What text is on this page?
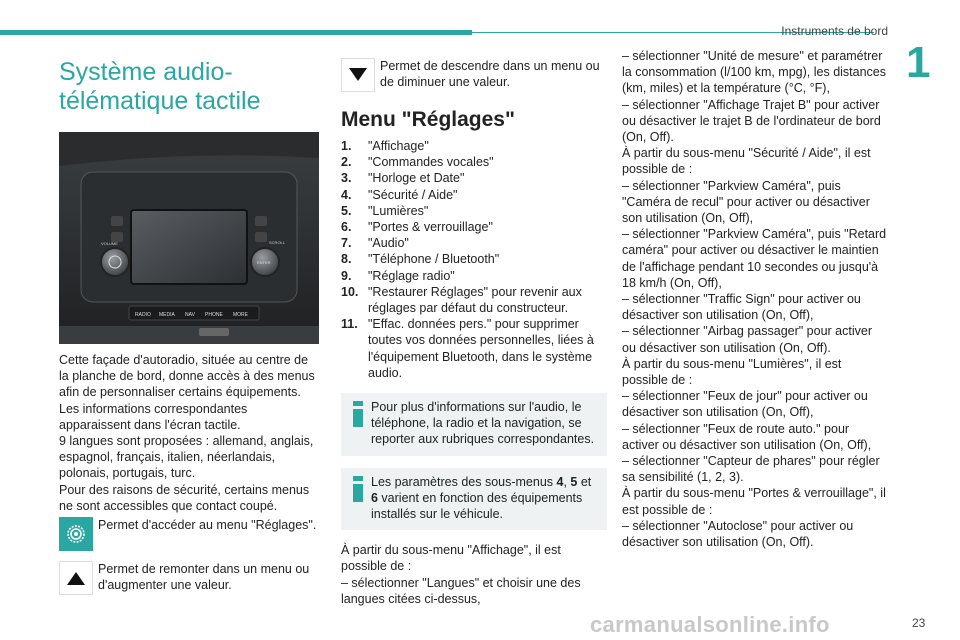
Instruments de bord
1
Système audio-
télématique tactile
VOLUME	SCROLL
ENTER
RADIO MEDIA NAV PHONE MORE

Cette façade d'autoradio, située au centre de la planche de bord, donne accès à des menus afin de personnaliser certains équipements.

Les informations correspondantes apparaissent dans l'écran tactile.

9 langues sont proposées : allemand, anglais, espagnol, français, italien, néerlandais, polonais, portugais, turc.

Pour des raisons de sécurité, certains menus ne sont accessibles que contact coupé.

Permet d'accéder au menu "Réglages".
Permet de remonter dans un menu ou d'augmenter une valeur.
Permet de descendre dans un menu ou de diminuer une valeur.
Menu "Réglages"
1.	"Affichage"
2.	"Commandes vocales"
3.	"Horloge et Date"
4.	"Sécurité / Aide"
5.	"Lumières"
6.	"Portes & verrouillage"
7.	"Audio"
8.	"Téléphone / Bluetooth"
9.	"Réglage radio"
10. "Restaurer Réglages" pour revenir aux réglages par défaut du constructeur.
11. "Effac. données pers." pour supprimer toutes vos données personnelles, liées à l'équipement Bluetooth, dans le système audio.
Pour plus d'informations sur l'audio, le téléphone, la radio et la navigation, se reporter aux rubriques correspondantes.
Les paramètres des sous-menus 4, 5 et 6 varient en fonction des équipements installés sur le véhicule.

À partir du sous-menu "Affichage", il est possible de :

– sélectionner "Langues" et choisir une des langues citées ci-dessus,

– sélectionner "Unité de mesure" et paramétrer la consommation (l/100 km, mpg), les distances (km, miles) et la température (°C, °F),

– sélectionner "Affichage Trajet B" pour activer ou désactiver le trajet B de l'ordinateur de bord (On, Off).

À partir du sous-menu "Sécurité / Aide", il est possible de :

– sélectionner "Parkview Caméra", puis "Caméra de recul" pour activer ou désactiver son utilisation (On, Off),

– sélectionner "Parkview Caméra", puis "Retard caméra" pour activer ou désactiver le maintien de l'affichage pendant 10 secondes ou jusqu'à 18 km/h (On, Off),

– sélectionner "Traffic Sign" pour activer ou désactiver son utilisation (On, Off),

– sélectionner "Airbag passager" pour activer ou désactiver son utilisation (On, Off).

À partir du sous-menu "Lumières", il est possible de :

– sélectionner "Feux de jour" pour activer ou désactiver son utilisation (On, Off),

– sélectionner "Feux de route auto." pour activer ou désactiver son utilisation (On, Off),

– sélectionner "Capteur de phares" pour régler sa sensibilité (1, 2, 3).

À partir du sous-menu "Portes & verrouillage", il est possible de :

– sélectionner "Autoclose" pour activer ou désactiver son utilisation (On, Off).

carmanualsonline.info	23
